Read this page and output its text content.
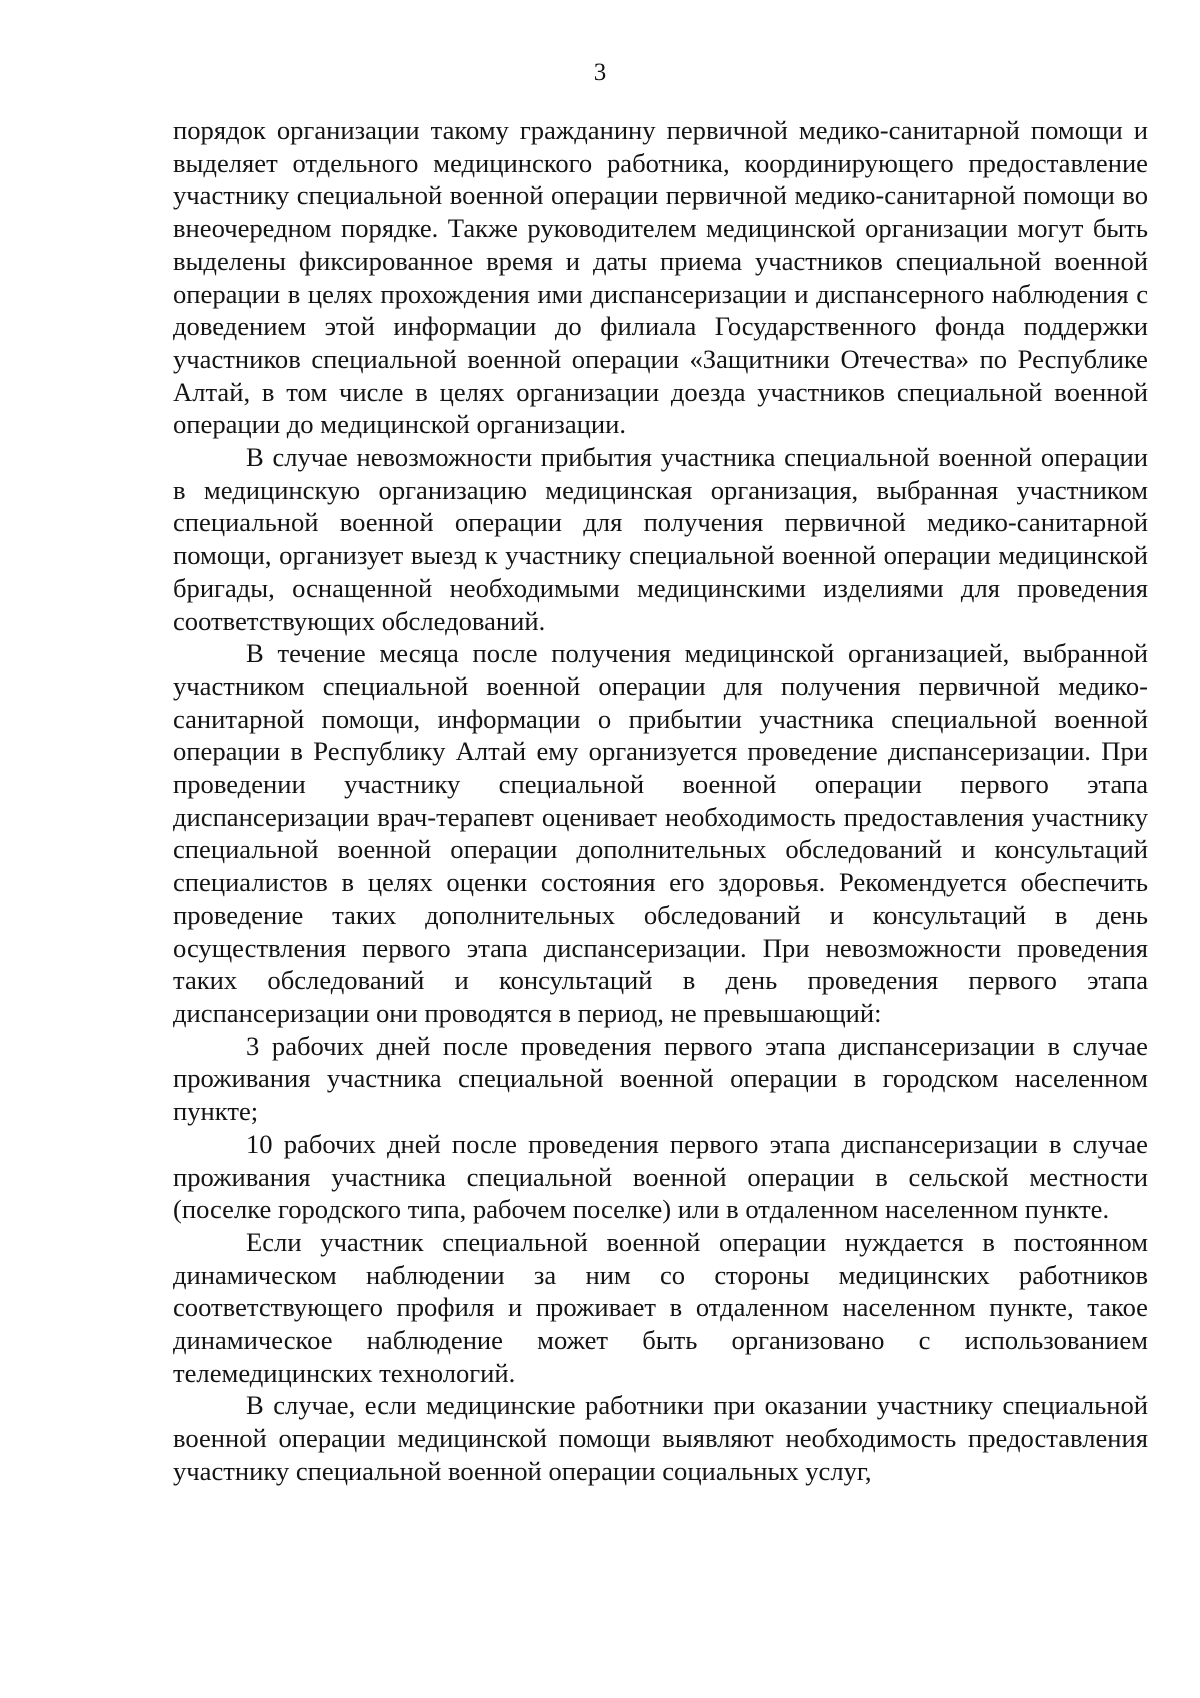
3

порядок организации такому гражданину первичной медико-санитарной помощи и выделяет отдельного медицинского работника, координирующего предоставление участнику специальной военной операции первичной медико-санитарной помощи во внеочередном порядке. Также руководителем медицинской организации могут быть выделены фиксированное время и даты приема участников специальной военной операции в целях прохождения ими диспансеризации и диспансерного наблюдения с доведением этой информации до филиала Государственного фонда поддержки участников специальной военной операции «Защитники Отечества» по Республике Алтай, в том числе в целях организации доезда участников специальной военной операции до медицинской организации.

В случае невозможности прибытия участника специальной военной операции в медицинскую организацию медицинская организация, выбранная участником специальной военной операции для получения первичной медико-санитарной помощи, организует выезд к участнику специальной военной операции медицинской бригады, оснащенной необходимыми медицинскими изделиями для проведения соответствующих обследований.

В течение месяца после получения медицинской организацией, выбранной участником специальной военной операции для получения первичной медико-санитарной помощи, информации о прибытии участника специальной военной операции в Республику Алтай ему организуется проведение диспансеризации. При проведении участнику специальной военной операции первого этапа диспансеризации врач-терапевт оценивает необходимость предоставления участнику специальной военной операции дополнительных обследований и консультаций специалистов в целях оценки состояния его здоровья. Рекомендуется обеспечить проведение таких дополнительных обследований и консультаций в день осуществления первого этапа диспансеризации. При невозможности проведения таких обследований и консультаций в день проведения первого этапа диспансеризации они проводятся в период, не превышающий:

3 рабочих дней после проведения первого этапа диспансеризации в случае проживания участника специальной военной операции в городском населенном пункте;

10 рабочих дней после проведения первого этапа диспансеризации в случае проживания участника специальной военной операции в сельской местности (поселке городского типа, рабочем поселке) или в отдаленном населенном пункте.

Если участник специальной военной операции нуждается в постоянном динамическом наблюдении за ним со стороны медицинских работников соответствующего профиля и проживает в отдаленном населенном пункте, такое динамическое наблюдение может быть организовано с использованием телемедицинских технологий.

В случае, если медицинские работники при оказании участнику специальной военной операции медицинской помощи выявляют необходимость предоставления участнику специальной военной операции социальных услуг,
